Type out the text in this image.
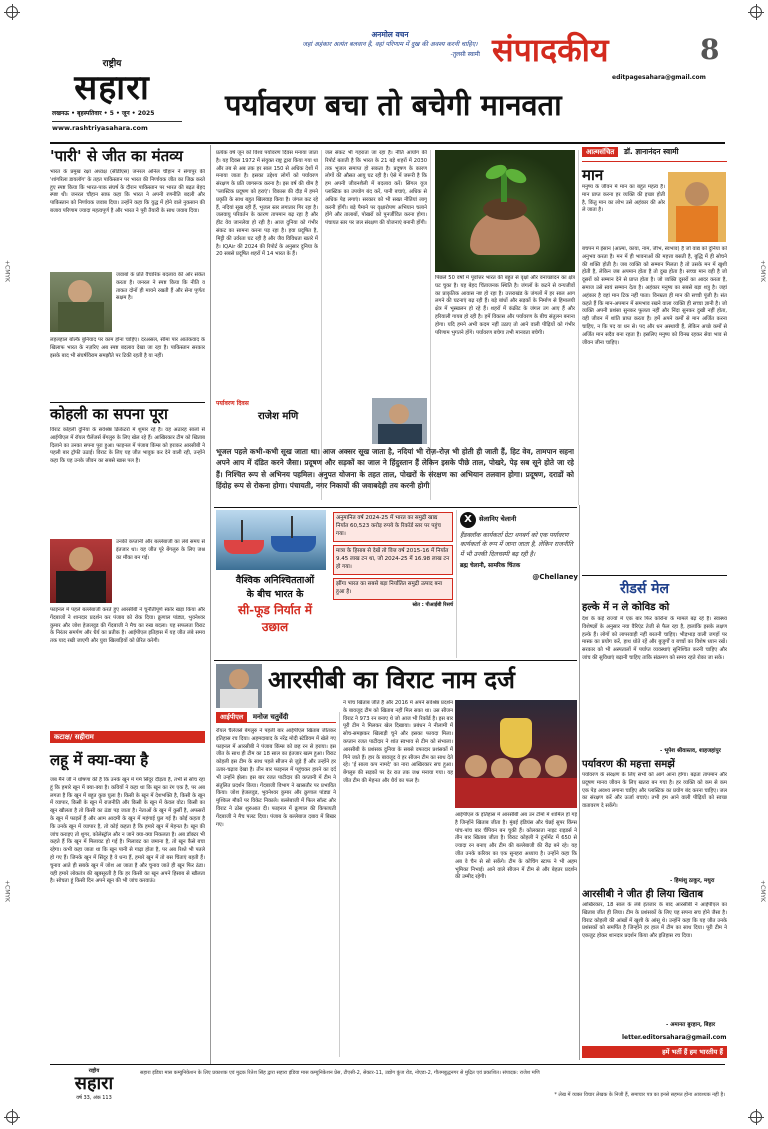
+CMYK	+CMYK
+CMYK	+CMYK
राष्ट्रीय
सहारा
लखनऊ • बृहस्पतिवार • 5 • जून • 2025
www.rashtriyasahara.com
अनमोल वचन
जहां अहंकार अत्यंत बलवान है, वहां परिणाम में दुख की अवश्य करनी चाहिए।
-तुलसी स्वामी संपादकीय	8
editpagesahara@gmail.com
पर्यावरण बचा तो बचेगी मानवता
'पारी' से जीत का मंतव्य
भारत के प्रमुख रक्षा अध्यक्ष (सीडीएस) जनरल अनिल चौहान ने संगापुर की 'शांगरिला डायलॉग' के तहत पाकिस्तान पर भारत की निर्णायक जीत का जिक्र करते हुए स्पष्ट किया कि भारत-पाक संघर्ष के दौरान पाकिस्तान पर भारत की बढ़त बेहद स्पष्ट थी। जनरल चौहान साफ़ कहा कि भारत ने अपनी रणनीति बदली और पाकिस्तान को निर्णायक जवाब दिया। उन्होंने कहा कि युद्ध में होने वाले नुकसान की बजाय परिणाम ज्यादा महत्वपूर्ण है और भारत ने पूरी तैयारी के साथ जवाब दिया।
जवाबों के प्रति वैचारिक बदलाव की ओर संकेत करता है। जनरल ने स्पष्ट किया कि नीति व ताकत दोनों ही मायने रखती हैं और सेना पूर्णतः सक्षम है।
लहलहाल बल्कि बुनियाद पर काम होना चाहिए। दरअसल, सीमा पार आतंकवाद के खिलाफ भारत के नज़रिए अब स्पष्ट बदलाव देखा जा रहा है। पाकिस्तान सरकार इसके बाद भी संघर्षविराम समझौते पर टिकी रहती है या नहीं।
कोहली का सपना पूरा
विराट कोहली दुनिया के सर्वश्रेष्ठ क्रिकेटरों में शुमार रहे हैं। वह अठारह सालों से आईपीएल में रॉयल चैलेंजर्स बेंगलुरु के लिए खेल रहे हैं। आखिरकार टीम को खिताब दिलाने का उनका सपना पूरा हुआ। फाइनल में पंजाब किंग्स को हराकर आरसीबी ने पहली बार ट्रॉफी उठाई। विराट के लिए यह जीत भावुक कर देने वाली रही, उन्होंने कहा कि यह उनके जीवन का सबसे खास पल है।
उनकी कप्तानी और बल्लेबाजी का लंबे समय से इंतजार था। यह जीत पूरे बेंगलुरु के लिए जश्न का मौका बन गई।
फाइनल में पहले बल्लेबाजी करते हुए आरसीबी ने चुनौतीपूर्ण स्कोर खड़ा किया और गेंदबाजों ने शानदार प्रदर्शन कर पंजाब को रोक दिया। क्रुणाल पांड्या, भुवनेश्वर कुमार और जोश हेजलवुड की गेंदबाजी ने मैच का रुख बदला। यह सफलता विराट के निरंतर समर्पण और धैर्य का प्रतीक है। आईपीएल इतिहास में यह जीत लंबे समय तक याद रखी जाएगी और युवा खिलाड़ियों को प्रेरित करेगी।
कटाक्ष/ सहीराम
लहू में क्या-क्या है
जब मैंने जी ने धोषणा की है कि उनके खून में गर्म सिंदूर दौड़ता है, तभी से सोच रहा हूं कि हमारे खून में क्या-क्या है। कवियों ने कहा था कि खून का रंग एक है, पर अब लगता है कि खून में बहुत कुछ घुला है। किसी के खून में देशभक्ति है, किसी के खून में व्यापार, किसी के खून में राजनीति और किसी के खून में केवल वोट। किसी का खून खौलता है तो किसी का ठंडा पड़ जाता है। नेताओं के खून में कुर्सी है, अफसरों के खून में फाइलें हैं और आम आदमी के खून में महंगाई घुल गई है। कोई कहता है कि उनके खून में व्यापार है, तो कोई कहता है कि हमारे खून में मेहनत है। खून की जांच कराइए तो शुगर, कोलेस्ट्रॉल और न जाने क्या-क्या निकलता है। अब डॉक्टर भी कहते हैं कि खून में मिलावट हो गई है। मिलावट का जमाना है, तो खून कैसे बचा रहेगा। कभी कहा जाता था कि खून पानी से गाढ़ा होता है, पर अब रिश्ते भी पतले हो गए हैं। जिनके खून में सिंदूर है वे धन्य हैं, हमारे खून में तो बस चिंताएं बहती हैं। चुनाव आते ही सबके खून में जोश आ जाता है और चुनाव जाते ही खून फिर ठंडा। यही हमारे लोकतंत्र की खूबसूरती है कि हर किसी का खून अपने हिसाब से खौलता है। सोचता हूं किसी दिन अपने खून की भी जांच करवाऊं।
प्रत्येक वर्ष जून को विश्व पर्यावरण दिवस मनाया जाता है। यह दिवस 1972 में संयुक्त राष्ट्र द्वारा किया गया था और तब से अब तक हर साल 150 से अधिक देशों में मनाया जाता है। इसका उद्देश्य लोगों को पर्यावरण संरक्षण के प्रति जागरूक करना है। इस वर्ष की थीम है 'प्लास्टिक प्रदूषण को हराएं'। विकास की दौड़ में हमने प्रकृति के साथ बहुत खिलवाड़ किया है। जंगल कट रहे हैं, नदियां सूख रही हैं, भूजल स्तर लगातार गिर रहा है। जलवायु परिवर्तन के कारण तापमान बढ़ रहा है और हीट वेव जानलेवा हो रही है। आज दुनिया को गंभीर संकट का सामना करना पड़ रहा है। हवा प्रदूषित है, मिट्टी की उर्वरता घट रही है और जैव विविधता खतरे में है। IQAir की 2024 की रिपोर्ट के अनुसार दुनिया के 20 सबसे प्रदूषित शहरों में 14 भारत के हैं।
जल संकट भी गहराता जा रहा है। नीति आयोग की रिपोर्ट बताती है कि भारत के 21 बड़े शहरों में 2030 तक भूजल समाप्त हो सकता है। प्रदूषण के कारण लोगों की औसत आयु घट रही है। ऐसे में जरूरी है कि हम अपनी जीवनशैली में बदलाव करें। सिंगल यूज प्लास्टिक का उपयोग बंद करें, पानी बचाएं, अधिक से अधिक पेड़ लगाएं। सरकार को भी सख्त नीतियां लागू करनी होंगी। बड़े पैमाने पर वृक्षारोपण अभियान चलाने होंगे और तालाबों, पोखरों को पुनर्जीवित करना होगा। पंचायत स्तर पर जल संरक्षण की योजनाएं बनानी होंगी।
पिछले 50 वर्षों में पूर्वोत्तर भारत की बहुत से वृक्षों और वनाच्छादन का क्षेत्र घट चुका है। यह बेहद चिंताजनक स्थिति है। जंगलों के कटने से वन्यजीवों का प्राकृतिक आवास नष्ट हो रहा है। उत्तराखंड के जंगलों में हर साल आग लगने की घटनाएं बढ़ रही हैं। बड़े बांधों और सड़कों के निर्माण से हिमालयी क्षेत्र में भूस्खलन हो रहे हैं। शहरों में कंक्रीट के जंगल उग आए हैं और हरियाली गायब हो रही है। हमें विकास और पर्यावरण के बीच संतुलन बनाना होगा। यदि हमने अभी कदम नहीं उठाए तो आने वाली पीढ़ियों को गंभीर परिणाम भुगतने होंगे। पर्यावरण बचेगा तभी मानवता बचेगी।
पर्यावरण दिवस
राजेश मणि
भूजल पहले कभी-कभी सूख जाता था। आज अक्सर सूख जाता है, नदियां भी रोज़-रोज़ भी होती ही जाती हैं, हिट वेव, तामपान सहना अपने आप में दंडित करने जैसा। प्रदूषण और सड़कों का जाल ने हिंदुस्तान हैं लेकिन इसके पीछे ताल, पोखरे, पेड़ सब सूने होते जा रहे हैं। निश्चित रूप से अभिनय पहमिल। अनुपत योजना के तहत ताल, पोखरों के संरक्षण का अभियान तलवान होगा। प्रदूषण, दराडों को हिंदोह रूप से रोकना होगा। पंचायती, नगर निकायों की जवाबदेही तय करनी होगी
आत्मसंचित डॉ. ज्ञानानंदन स्वामी
मान
मनुष्य के जीवन में मान का बहुत महत्व है। मान प्राप्त करना हर व्यक्ति की इच्छा होती है, किंतु मान का लोभ उसे अहंकार की ओर ले जाता है।
बचपन में इंसान (आत्मा, काया, नाम, जीभ, स्वभाव) है जो वाद्य को दुनिया को अनुभव करता है। मन में ही भावनाओं की महत्ता बसती है, बुद्धि में ही सोचने की शक्ति होती है। जब व्यक्ति को सम्मान मिलता है तो उसके मन में खुशी होती है, लेकिन जब अपमान होता है तो दुख होता है। सच्चा मान वही है जो दूसरों को सम्मान देने से प्राप्त होता है। जो व्यक्ति दूसरों का आदर करता है, समाज उसे स्वयं सम्मान देता है। अहंकार मनुष्य का सबसे बड़ा शत्रु है। जहां अहंकार है वहां मान टिक नहीं पाता। विनम्रता ही मान की सच्ची पूंजी है। संत कहते हैं कि मान-अपमान में समभाव रखने वाला व्यक्ति ही सच्चा ज्ञानी है। जो व्यक्ति अपनी प्रशंसा सुनकर फूलता नहीं और निंदा सुनकर दुखी नहीं होता, वही जीवन में शांति प्राप्त करता है। हमें अपने कर्मों से मान अर्जित करना चाहिए, न कि पद या धन से। पद और धन अस्थायी हैं, लेकिन अच्छे कर्मों से अर्जित मान सदैव बना रहता है। इसलिए मनुष्य को विनम्र रहकर सेवा भाव से जीवन जीना चाहिए।
रीडर्स मेल
हल्के में न ले कोविड को
देश के कई राज्यों में एक बार फिर कोरोना के मामले बढ़ रहे हैं। स्वास्थ्य विशेषज्ञों के अनुसार नया वैरिएंट तेजी से फैल रहा है, हालांकि इसके लक्षण हल्के हैं। लोगों को लापरवाही नहीं बरतनी चाहिए। भीड़भाड़ वाली जगहों पर मास्क का प्रयोग करें, हाथ धोते रहें और बुजुर्गों व बच्चों का विशेष ध्यान रखें। सरकार को भी अस्पतालों में पर्याप्त व्यवस्थाएं सुनिश्चित करनी चाहिए और जांच की सुविधाएं बढ़ानी चाहिए ताकि संक्रमण को समय रहते रोका जा सके।
- भूपेश श्रीवास्तव, शाहजहांपुर
पर्यावरण की महत्ता समझें
पर्यावरण के संरक्षण के लिए सभी को आगे आना होगा। बढ़ता तापमान और प्रदूषण मानव जीवन के लिए खतरा बन गया है। हर व्यक्ति को कम से कम एक पेड़ अवश्य लगाना चाहिए और प्लास्टिक का प्रयोग बंद करना चाहिए। जल का संरक्षण करें और ऊर्जा बचाएं। तभी हम आने वाली पीढ़ियों को स्वच्छ वातावरण दे सकेंगे।
- हिमांशु ठाकुर, मथुरा
आरसीबी ने जीत ही लिया खिताब
आखिरकार, 18 साल के लंबे इंतजार के बाद आरसीबी ने आईपीएल का खिताब जीत ही लिया। टीम के प्रशंसकों के लिए यह सपना सच होने जैसा है। विराट कोहली की आंखों में खुशी के आंसू थे। उन्होंने कहा कि यह जीत उनके प्रशंसकों को समर्पित है जिन्होंने हर हाल में टीम का साथ दिया। पूरी टीम ने एकजुट होकर शानदार प्रदर्शन किया और इतिहास रच दिया।
- अमानत बुरहान, बिहार
letter.editorsahara@gmail.com
हमें भर्ती हैं हम भारतीय हैं
वैश्विक अनिश्चितताओं
के बीच भारत के
सी-फूड निर्यात में
उछाल
अनुमानित वर्ष 2024-25 में भारत का समुद्री खाद्य निर्यात 60,523 करोड़ रुपये के रिकॉर्ड स्तर पर पहुंच गया।
मात्रा के हिसाब से देखें तो वित्त वर्ष 2015-16 में निर्यात 9.45 लाख टन था, जो 2024-25 में 16.98 लाख टन हो गया।
झींगा भारत का सबसे बड़ा निर्यातित समुद्री उत्पाद बना हुआ है।
स्रोत : पीआईबी रिसर्च
X	सेलानिए चेलानी
हैंडक्लॉक कार्यकर्ता ग्रेटा थनबर्ग को एक पर्यावरण कार्यकर्ता के रूप में जाना जाता है, लेकिन राजनीति में भी उनकी दिलचस्पी बढ़ रही है।
ब्रह्म चेलानी, सामरिक चिंतक
@Chellaney
आरसीबी का विराट नाम दर्ज
आईपीएल मनोज चतुर्वेदी
रॉयल चैलेंजर्स बेंगलुरु ने पहली बार आईपीएल खिताब जीतकर इतिहास रच दिया। अहमदाबाद के नरेंद्र मोदी स्टेडियम में खेले गए फाइनल में आरसीबी ने पंजाब किंग्स को छह रन से हराया। इस जीत के साथ ही टीम का 18 साल का इंतजार खत्म हुआ। विराट कोहली इस टीम के साथ पहले सीजन से जुड़े हैं और उन्होंने हर उतार-चढ़ाव देखा है। तीन बार फाइनल में पहुंचकर हारने का दर्द भी उन्होंने झेला। इस बार रजत पाटीदार की कप्तानी में टीम ने संतुलित प्रदर्शन किया। गेंदबाजी विभाग ने खासतौर पर प्रभावित किया। जोश हेजलवुड, भुवनेश्वर कुमार और क्रुणाल पांड्या ने मुश्किल मौकों पर विकेट निकाले। बल्लेबाजी में फिल सॉल्ट और विराट ने ठोस शुरुआत दी। फाइनल में क्रुणाल की किफायती गेंदबाजी ने मैच पलट दिया। पंजाब के बल्लेबाज दबाव में बिखर गए।
ने पांच खिताब जीते हैं और 2016 में अपने सर्वश्रेष्ठ प्रदर्शन के बावजूद टीम को खिताब नहीं मिल सका था। उस सीजन विराट ने 973 रन बनाए थे जो आज भी रिकॉर्ड है। इस बार पूरी टीम ने मिलकर खेल दिखाया। प्रबंधन ने नीलामी में सोच-समझकर खिलाड़ी चुने और इसका फायदा मिला। कप्तान रजत पाटीदार ने शांत स्वभाव से टीम को संभाला। आरसीबी के प्रशंसक दुनिया के सबसे वफादार प्रशंसकों में गिने जाते हैं। हार के बावजूद वे हर सीजन टीम का साथ देते रहे। 'ई साला कप नामदे' का नारा आखिरकार सच हुआ। बेंगलुरु की सड़कों पर देर रात तक जश्न मनाया गया। यह जीत टीम की मेहनत और धैर्य का फल है।
आईपीएल के इतिहास में आरसीबी अब उन टीमों में शामिल हो गई है जिन्होंने खिताब जीता है। मुंबई इंडियंस और चेन्नई सुपर किंग्स पांच-पांच बार चैंपियन बन चुकी हैं। कोलकाता नाइट राइडर्स ने तीन बार खिताब जीता है। विराट कोहली ने टूर्नामेंट में 650 से ज्यादा रन बनाए और टीम की बल्लेबाजी की रीढ़ बने रहे। यह जीत उनके करियर का एक सुनहरा अध्याय है। उन्होंने कहा कि अब वे चैन से सो सकेंगे। टीम के कोचिंग स्टाफ ने भी अहम भूमिका निभाई। आने वाले सीजन में टीम से और बेहतर प्रदर्शन की उम्मीद रहेगी।
राष्ट्रीय
सहारा
वर्ष 33, अंक 113
सहारा इंडिया मास कम्युनिकेशन के लिए प्रकाशक एवं मुद्रक रितेश सिंह द्वारा सहारा इंडिया मास कम्युनिकेशन प्रेस, टीएसी-2, सेक्टर-11, उद्योग कुंज रोड, नोएडा-2, गौतमबुद्धनगर से मुद्रित एवं प्रकाशित। संपादक: राजेश मणि
* लेख में व्यक्त विचार लेखक के निजी हैं, समाचार पत्र का इनसे सहमत होना आवश्यक नहीं है।
